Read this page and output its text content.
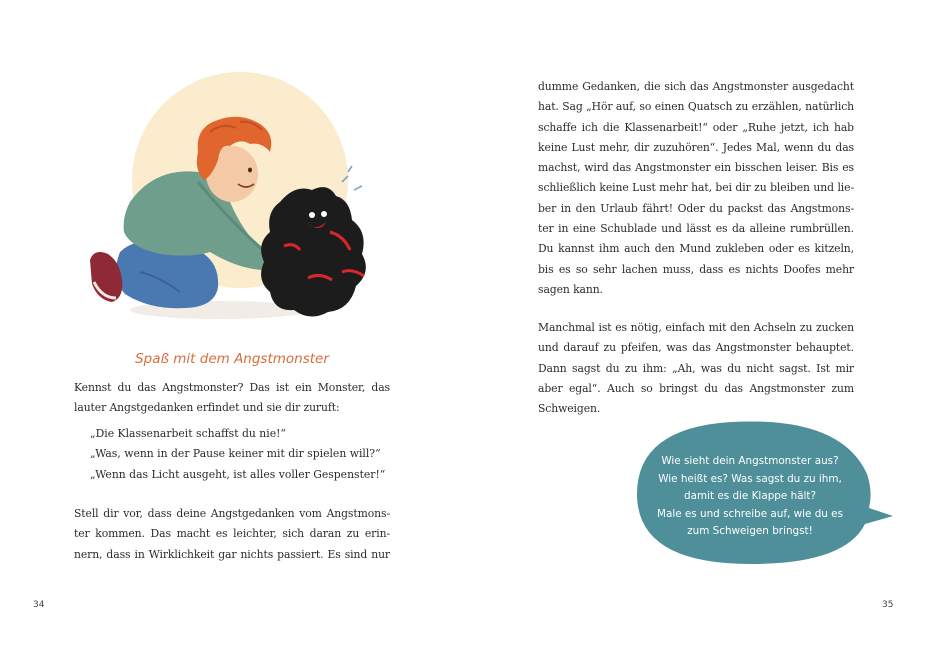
Spaß mit dem Angstmonster

Kennst du das Angstmonster? Das ist ein Monster, das

lauter Angstgedanken erfindet und sie dir zuruft:

„Die Klassenarbeit schaffst du nie!“

„Was, wenn in der Pause keiner mit dir spielen will?“

„Wenn das Licht ausgeht, ist alles voller Gespenster!“

Stell dir vor, dass deine Angstgedanken vom Angstmons-

ter kommen. Das macht es leichter, sich daran zu erin-

nern, dass in Wirklichkeit gar nichts passiert. Es sind nur

34

dumme Gedanken, die sich das Angstmonster ausgedacht

hat. Sag „Hör auf, so einen Quatsch zu erzählen, natürlich

schaffe ich die Klassenarbeit!“ oder „Ruhe jetzt, ich hab

keine Lust mehr, dir zuzuhören“. Jedes Mal, wenn du das

machst, wird das Angstmonster ein bisschen leiser. Bis es

schließlich keine Lust mehr hat, bei dir zu bleiben und lie-

ber in den Urlaub fährt! Oder du packst das Angstmons-

ter in eine Schublade und lässt es da alleine rumbrüllen.

Du kannst ihm auch den Mund zukleben oder es kitzeln,

bis es so sehr lachen muss, dass es nichts Doofes mehr

sagen kann.

Manchmal ist es nötig, einfach mit den Achseln zu zucken

und darauf zu pfeifen, was das Angstmonster behauptet.

Dann sagst du zu ihm: „Ah, was du nicht sagst. Ist mir

aber egal“. Auch so bringst du das Angstmonster zum

Schweigen.

Wie sieht dein Angstmonster aus?

Wie heißt es? Was sagst du zu ihm,

damit es die Klappe hält?

Male es und schreibe auf, wie du es

zum Schweigen bringst!

35
